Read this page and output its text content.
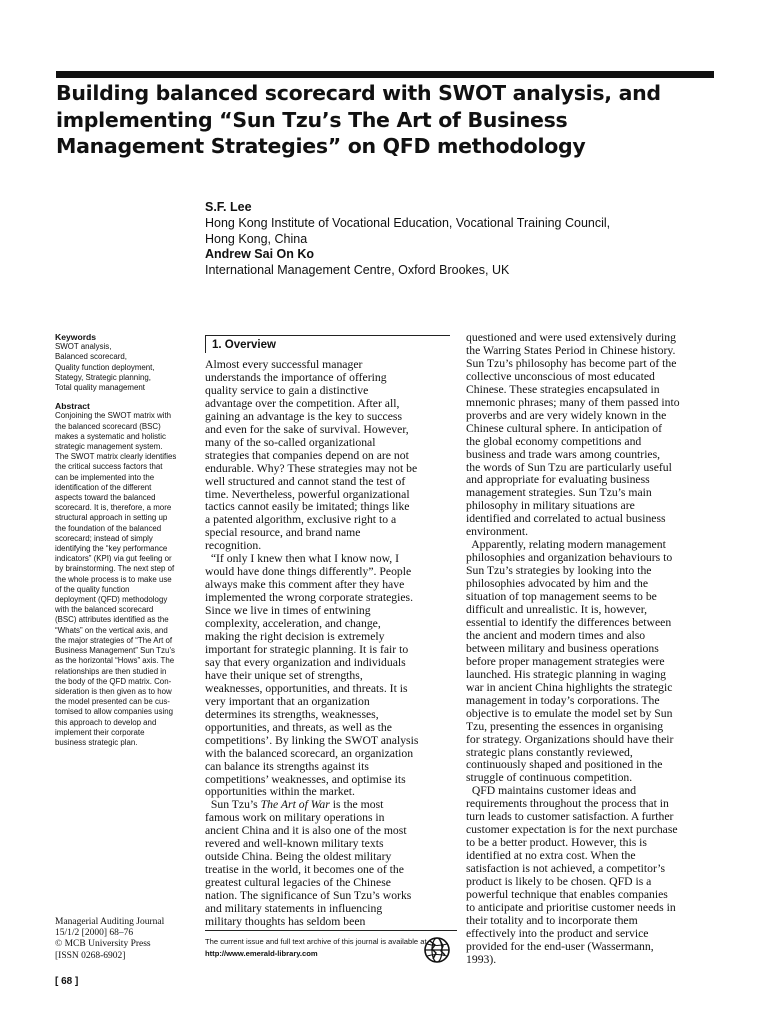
Building balanced scorecard with SWOT analysis, and
implementing “Sun Tzu’s The Art of Business
Management Strategies” on QFD methodology
S.F. Lee
Hong Kong Institute of Vocational Education, Vocational Training Council,
Hong Kong, China
Andrew Sai On Ko
International Management Centre, Oxford Brookes, UK
Keywords
SWOT analysis,
Balanced scorecard,
Quality function deployment,
Stategy, Strategic planning,
Total quality management
Abstract
Conjoining the SWOT matrix with
the balanced scorecard (BSC)
makes a systematic and holistic
strategic management system.
The SWOT matrix clearly identifies
the critical success factors that
can be implemented into the
identification of the different
aspects toward the balanced
scorecard. It is, therefore, a more
structural approach in setting up
the foundation of the balanced
scorecard; instead of simply
identifying the “key performance
indicators” (KPI) via gut feeling or
by brainstorming. The next step of
the whole process is to make use
of the quality function
deployment (QFD) methodology
with the balanced scorecard
(BSC) attributes identified as the
“Whats” on the vertical axis, and
the major strategies of “The Art of
Business Management” Sun Tzu’s
as the horizontal “Hows” axis. The
relationships are then studied in
the body of the QFD matrix. Con-
sideration is then given as to how
the model presented can be cus-
tomised to allow companies using
this approach to develop and
implement their corporate
business strategic plan.
Managerial Auditing Journal
15/1/2 [2000] 68–76
© MCB University Press
[ISSN 0268-6902]
[ 68 ]
1. Overview
Almost every successful manager
understands the importance of offering
quality service to gain a distinctive
advantage over the competition. After all,
gaining an advantage is the key to success
and even for the sake of survival. However,
many of the so-called organizational
strategies that companies depend on are not
endurable. Why? These strategies may not be
well structured and cannot stand the test of
time. Nevertheless, powerful organizational
tactics cannot easily be imitated; things like
a patented algorithm, exclusive right to a
special resource, and brand name
recognition.
“If only I knew then what I know now, I
would have done things differently”. People
always make this comment after they have
implemented the wrong corporate strategies.
Since we live in times of entwining
complexity, acceleration, and change,
making the right decision is extremely
important for strategic planning. It is fair to
say that every organization and individuals
have their unique set of strengths,
weaknesses, opportunities, and threats. It is
very important that an organization
determines its strengths, weaknesses,
opportunities, and threats, as well as the
competitions’. By linking the SWOT analysis
with the balanced scorecard, an organization
can balance its strengths against its
competitions’ weaknesses, and optimise its
opportunities within the market.
Sun Tzu’s The Art of War is the most
famous work on military operations in
ancient China and it is also one of the most
revered and well-known military texts
outside China. Being the oldest military
treatise in the world, it becomes one of the
greatest cultural legacies of the Chinese
nation. The significance of Sun Tzu’s works
and military statements in influencing
military thoughts has seldom been
questioned and were used extensively during
the Warring States Period in Chinese history.
Sun Tzu’s philosophy has become part of the
collective unconscious of most educated
Chinese. These strategies encapsulated in
mnemonic phrases; many of them passed into
proverbs and are very widely known in the
Chinese cultural sphere. In anticipation of
the global economy competitions and
business and trade wars among countries,
the words of Sun Tzu are particularly useful
and appropriate for evaluating business
management strategies. Sun Tzu’s main
philosophy in military situations are
identified and correlated to actual business
environment.
Apparently, relating modern management
philosophies and organization behaviours to
Sun Tzu’s strategies by looking into the
philosophies advocated by him and the
situation of top management seems to be
difficult and unrealistic. It is, however,
essential to identify the differences between
the ancient and modern times and also
between military and business operations
before proper management strategies were
launched. His strategic planning in waging
war in ancient China highlights the strategic
management in today’s corporations. The
objective is to emulate the model set by Sun
Tzu, presenting the essences in organising
for strategy. Organizations should have their
strategic plans constantly reviewed,
continuously shaped and positioned in the
struggle of continuous competition.
QFD maintains customer ideas and
requirements throughout the process that in
turn leads to customer satisfaction. A further
customer expectation is for the next purchase
to be a better product. However, this is
identified at no extra cost. When the
satisfaction is not achieved, a competitor’s
product is likely to be chosen. QFD is a
powerful technique that enables companies
to anticipate and prioritise customer needs in
their totality and to incorporate them
effectively into the product and service
provided for the end-user (Wassermann,
1993).
The current issue and full text archive of this journal is available at
http://www.emerald-library.com
